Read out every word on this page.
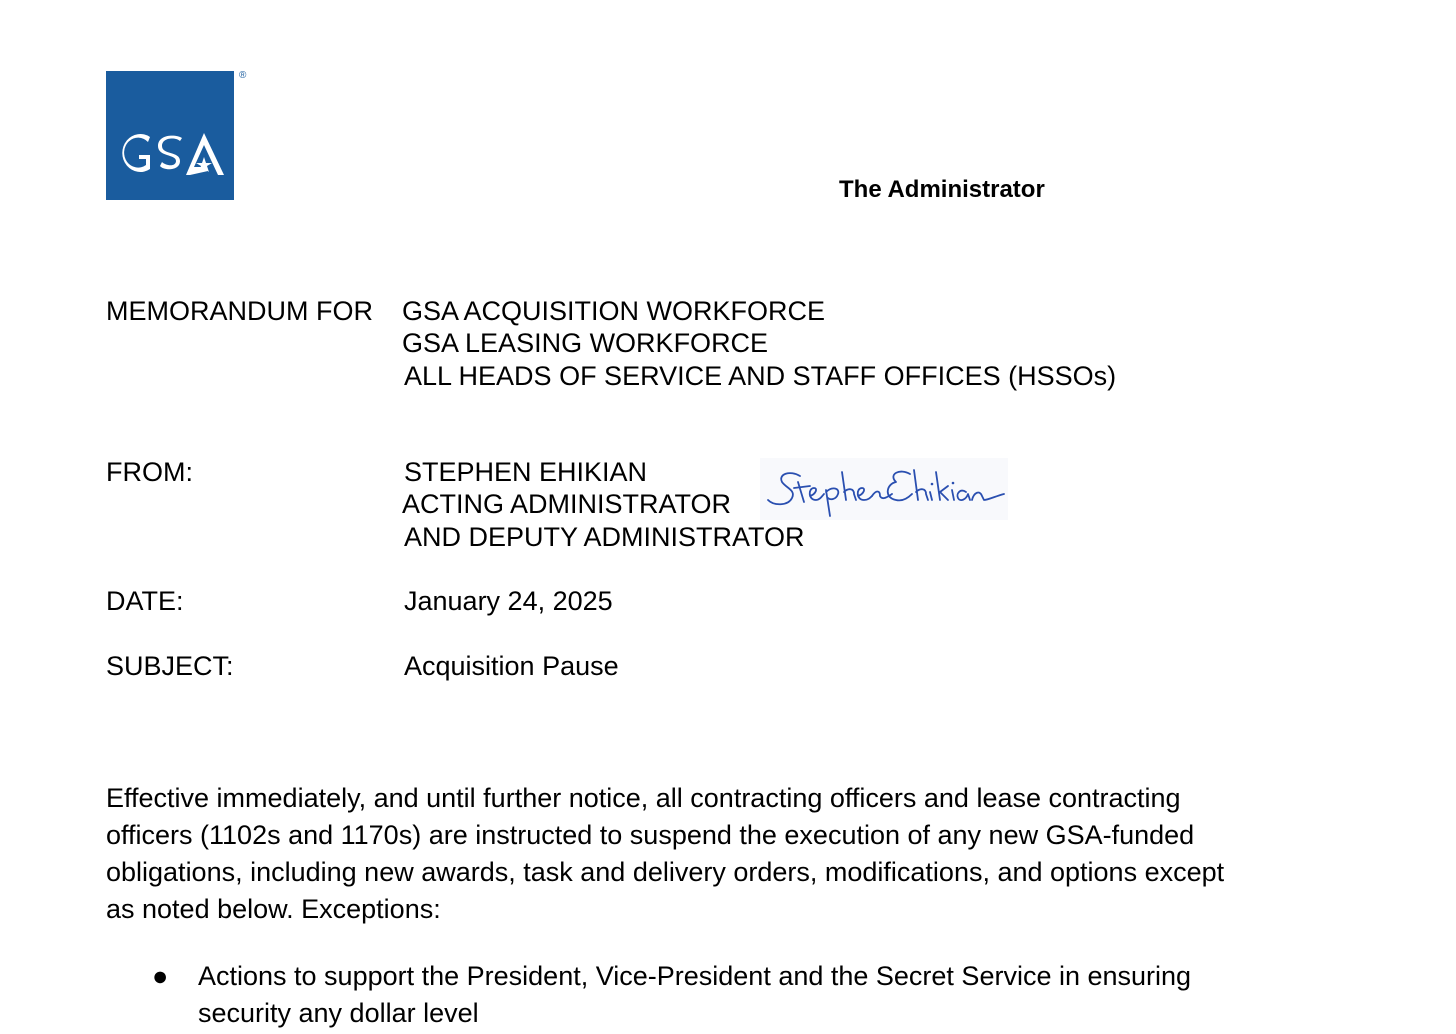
®
The Administrator
MEMORANDUM FOR GSA ACQUISITION WORKFORCE
GSA LEASING WORKFORCE
ALL HEADS OF SERVICE AND STAFF OFFICES (HSSOs)
FROM:	STEPHEN EHIKIAN
ACTING ADMINISTRATOR
AND DEPUTY ADMINISTRATOR
DATE:	January 24, 2025
SUBJECT:	Acquisition Pause
Effective immediately, and until further notice, all contracting officers and lease contracting
officers (1102s and 1170s) are instructed to suspend the execution of any new GSA-funded
obligations, including new awards, task and delivery orders, modifications, and options except
as noted below. Exceptions:
●	Actions to support the President, Vice-President and the Secret Service in ensuring
security any dollar level
